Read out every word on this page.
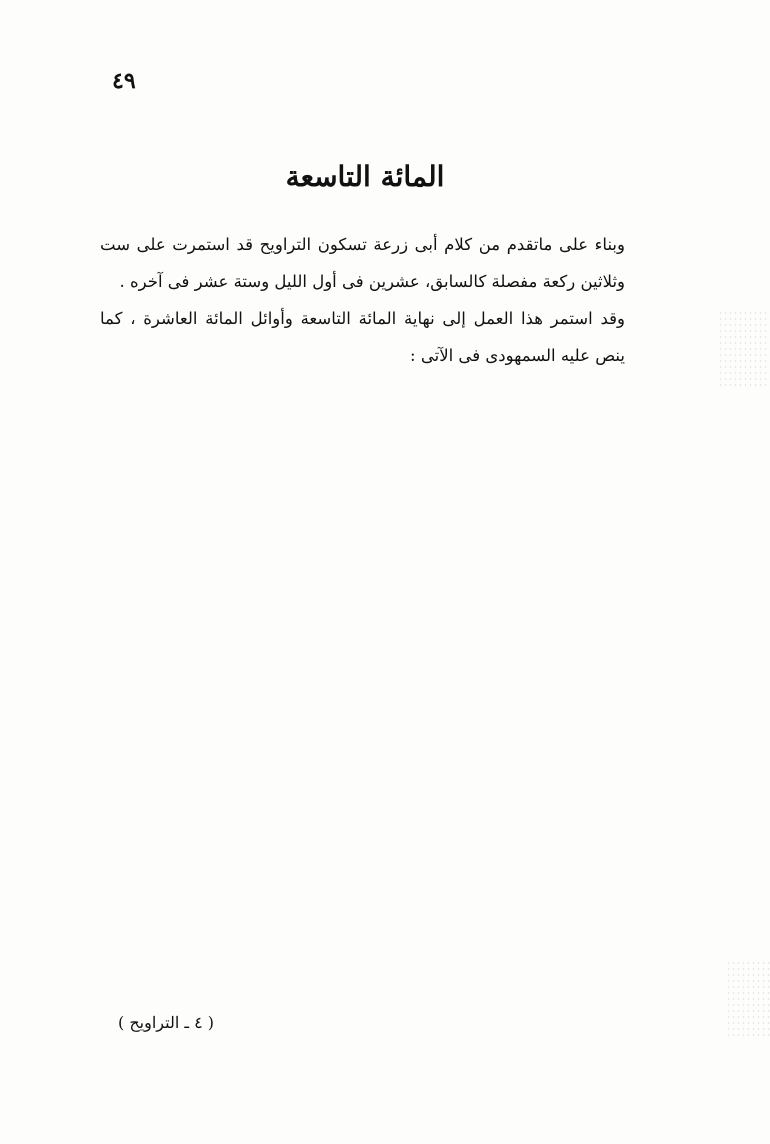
٤٩
المائة التاسعة

وبناء على ماتقدم من كلام أبى زرعة تسكون التراويح قد استمرت على ست وثلاثين ركعة مفصلة كالسابق، عشرين فى أول الليل وستة عشر فى آخره .

وقد استمر هذا العمل إلى نهاية المائة التاسعة وأوائل المائة العاشرة ، كما ينص عليه السمهودى فى الآتى :

( ٤ ـ التراويح )
